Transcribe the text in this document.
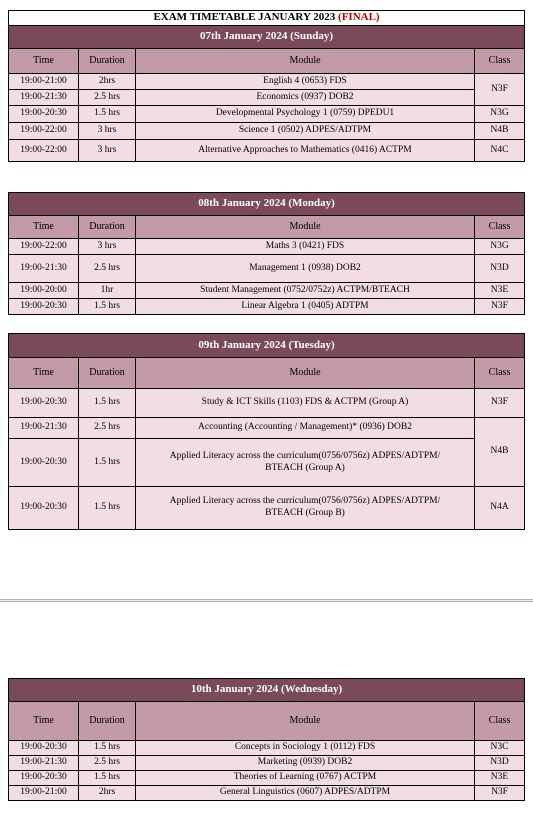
EXAM TIMETABLE JANUARY 2023 (FINAL)			
07th January 2024 (Sunday)			
Time	Duration	Module	Class
19:00-21:00	2hrs	English 4 (0653) FDS	N3F
19:00-21:30	2.5 hrs	Economics (0937) DOB2	
19:00-20:30	1.5 hrs	Developmental Psychology 1 (0759) DPEDU1	N3G
19:00-22:00	3 hrs	Science 1 (0502) ADPES/ADTPM	N4B
19:00-22:00	3 hrs	Alternative Approaches to Mathematics (0416) ACTPM	N4C
08th January 2024 (Monday)			
Time	Duration	Module	Class
19:00-22:00	3 hrs	Maths 3 (0421) FDS	N3G
19:00-21:30	2.5 hrs	Management 1 (0938) DOB2	N3D
19:00-20:00	1hr	Student Management (0752/0752z) ACTPM/BTEACH	N3E
19:00-20:30	1.5 hrs	Linear Algebra 1 (0405) ADTPM	N3F
09th January 2024 (Tuesday)			
Time	Duration	Module	Class
19:00-20:30	1.5 hrs	Study & ICT Skills (1103) FDS & ACTPM (Group A)	N3F
19:00-21:30	2.5 hrs	Accounting (Accounting / Management)* (0936) DOB2	N4B
19:00-20:30	1.5 hrs	Applied Literacy across the curriculum(0756/0756z) ADPES/ADTPM/
BTEACH (Group A)	
19:00-20:30	1.5 hrs	Applied Literacy across the curriculum(0756/0756z) ADPES/ADTPM/
BTEACH (Group B)	N4A
10th January 2024 (Wednesday)			
Time	Duration	Module	Class
19:00-20:30	1.5 hrs	Concepts in Sociology 1 (0112) FDS	N3C
19:00-21:30	2.5 hrs	Marketing (0939) DOB2	N3D
19:00-20:30	1.5 hrs	Theories of Learning (0767) ACTPM	N3E
19:00-21:00	2hrs	General Linguistics (0607) ADPES/ADTPM	N3F
